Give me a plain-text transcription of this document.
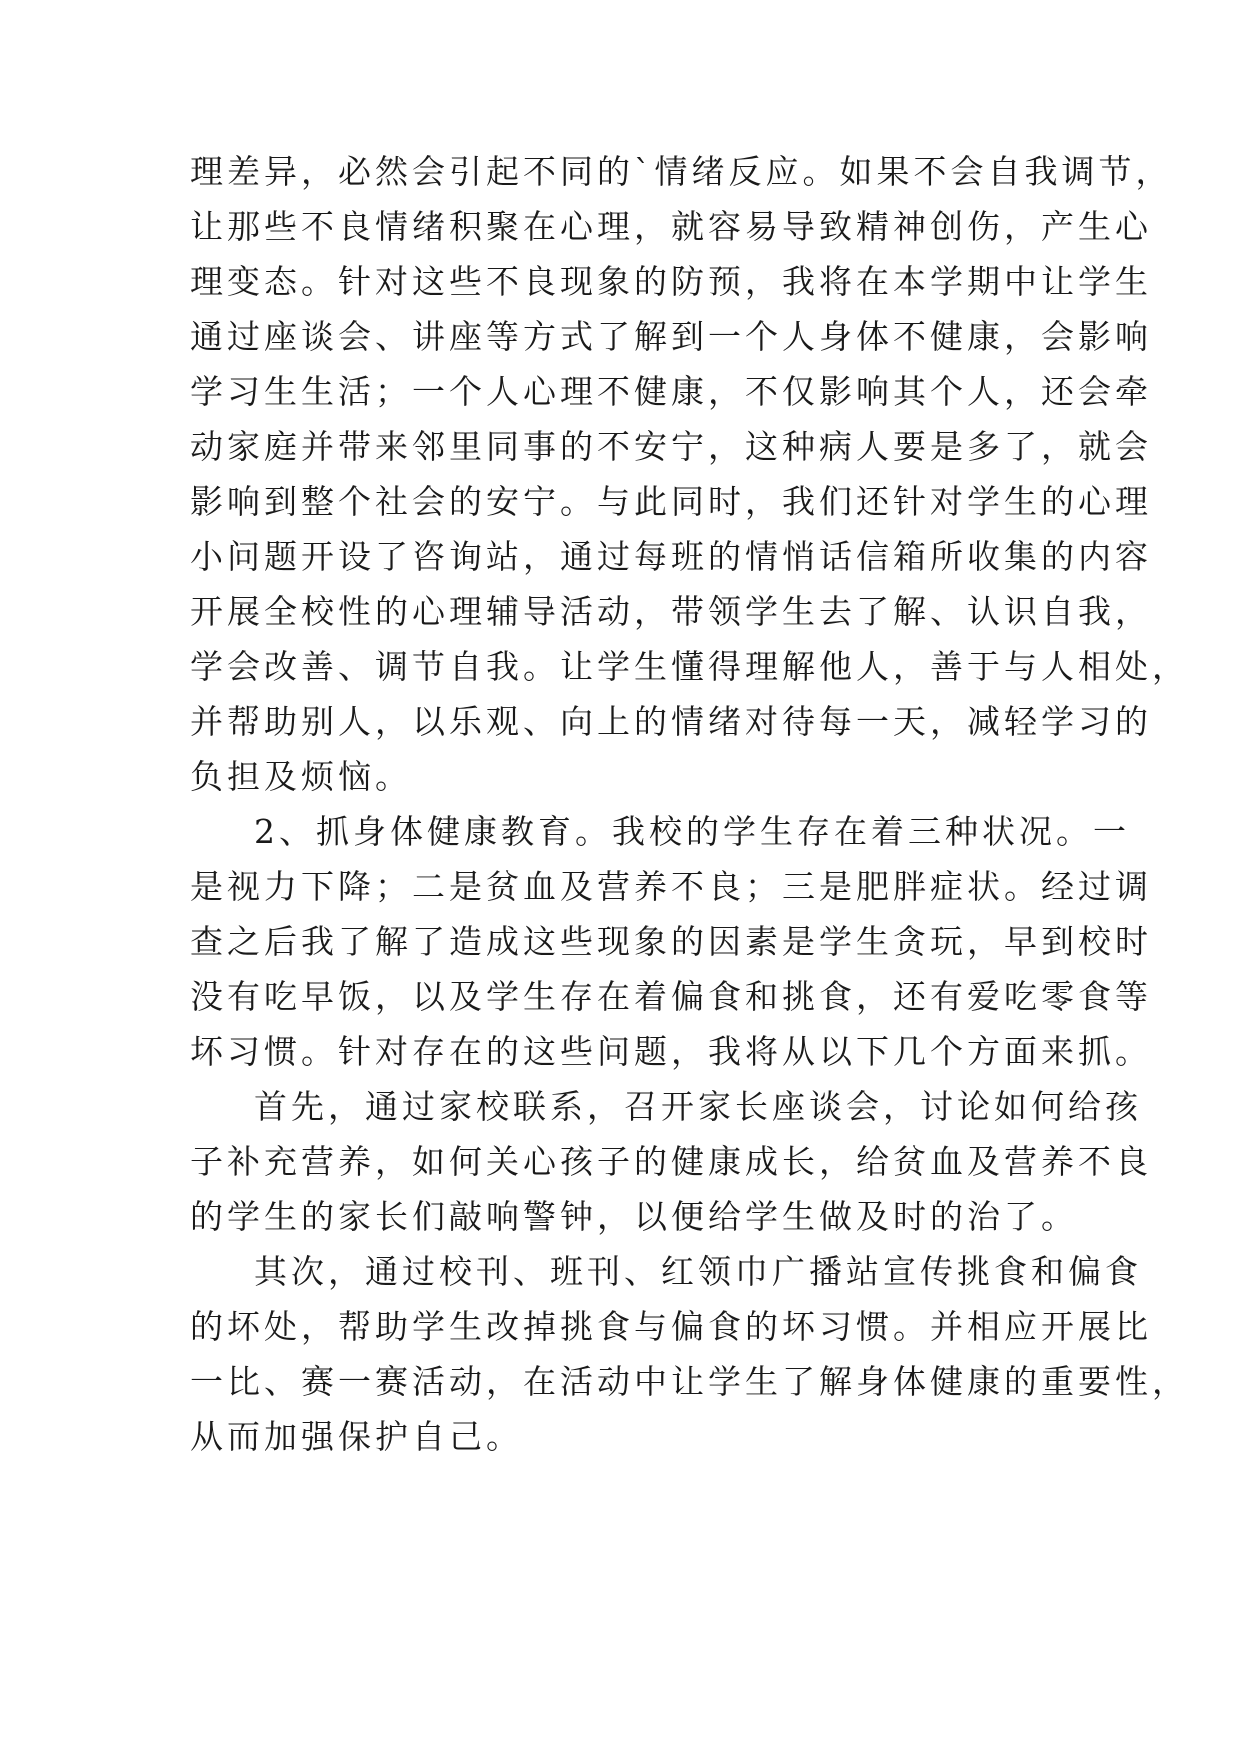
理差异，必然会引起不同的`情绪反应。如果不会自我调节，
让那些不良情绪积聚在心理，就容易导致精神创伤，产生心
理变态。针对这些不良现象的防预，我将在本学期中让学生
通过座谈会、讲座等方式了解到一个人身体不健康，会影响
学习生生活；一个人心理不健康，不仅影响其个人，还会牵
动家庭并带来邻里同事的不安宁，这种病人要是多了，就会
影响到整个社会的安宁。与此同时，我们还针对学生的心理
小问题开设了咨询站，通过每班的情悄话信箱所收集的内容
开展全校性的心理辅导活动，带领学生去了解、认识自我，
学会改善、调节自我。让学生懂得理解他人，善于与人相处，
并帮助别人，以乐观、向上的情绪对待每一天，减轻学习的
负担及烦恼。
2、抓身体健康教育。我校的学生存在着三种状况。一
是视力下降；二是贫血及营养不良；三是肥胖症状。经过调
查之后我了解了造成这些现象的因素是学生贪玩，早到校时
没有吃早饭，以及学生存在着偏食和挑食，还有爱吃零食等
坏习惯。针对存在的这些问题，我将从以下几个方面来抓。
首先，通过家校联系，召开家长座谈会，讨论如何给孩
子补充营养，如何关心孩子的健康成长，给贫血及营养不良
的学生的家长们敲响警钟，以便给学生做及时的治了。
其次，通过校刊、班刊、红领巾广播站宣传挑食和偏食
的坏处，帮助学生改掉挑食与偏食的坏习惯。并相应开展比
一比、赛一赛活动，在活动中让学生了解身体健康的重要性，
从而加强保护自己。
